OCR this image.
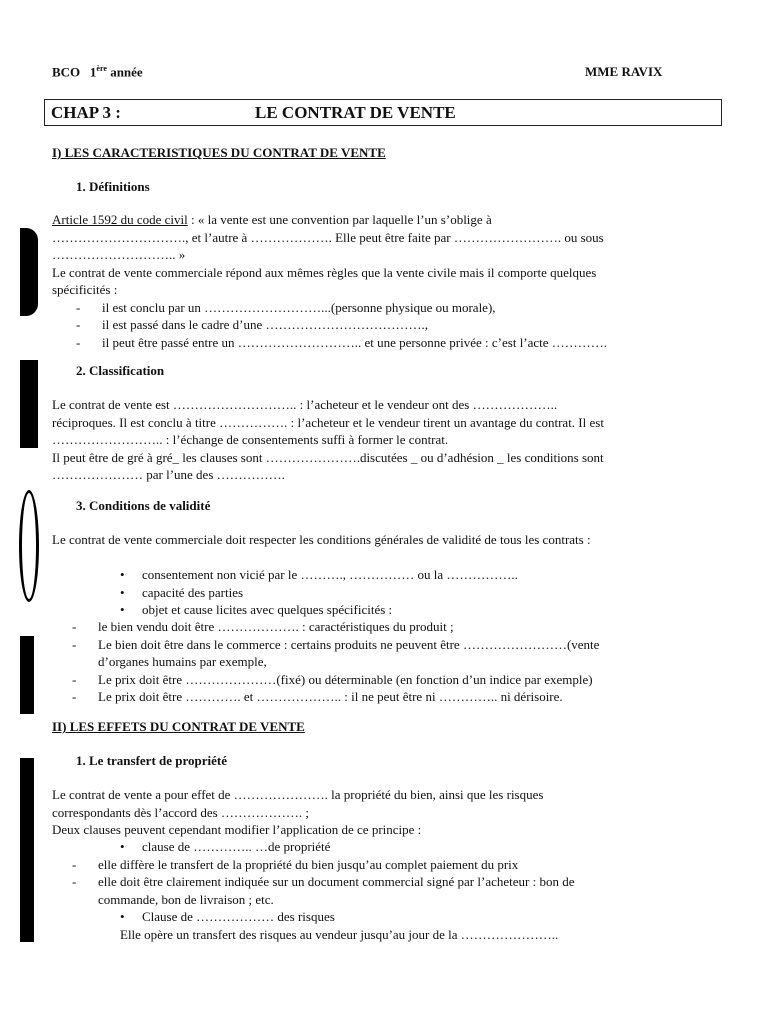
BCO 1ère année	MME RAVIX
CHAP 3 :	LE CONTRAT DE VENTE
I) LES CARACTERISTIQUES DU CONTRAT DE VENTE
1. Définitions
Article 1592 du code civil : « la vente est une convention par laquelle l’un s’oblige à
…………………………., et l’autre à ………………. Elle peut être faite par ……………………. ou sous
……………………….. »
Le contrat de vente commerciale répond aux mêmes règles que la vente civile mais il comporte quelques
spécificités :
- il est conclu par un ………………………...(personne physique ou morale),
- il est passé dans le cadre d’une ……………………………….,
- il peut être passé entre un ……………………….. et une personne privée : c’est l’acte ………….
2. Classification
Le contrat de vente est ……………………….. : l’acheteur et le vendeur ont des ………………..
réciproques. Il est conclu à titre ……………. : l’acheteur et le vendeur tirent un avantage du contrat. Il est
…………………….. : l’échange de consentements suffi à former le contrat.
Il peut être de gré à gré_ les clauses sont ………………….discutées _ ou d’adhésion _ les conditions sont
………………… par l’une des …………….
3. Conditions de validité
Le contrat de vente commerciale doit respecter les conditions générales de validité de tous les contrats :
• consentement non vicié par le ………., …………… ou la ……………..
• capacité des parties
• objet et cause licites avec quelques spécificités :
- le bien vendu doit être ………………. : caractéristiques du produit ;
- Le bien doit être dans le commerce : certains produits ne peuvent être ……………………(vente
d’organes humains par exemple,
- Le prix doit être …………………(fixé) ou déterminable (en fonction d’un indice par exemple)
- Le prix doit être …………. et ……………….. : il ne peut être ni ………….. ni dérisoire.
II) LES EFFETS DU CONTRAT DE VENTE
1. Le transfert de propriété
Le contrat de vente a pour effet de …………………. la propriété du bien, ainsi que les risques
correspondants dès l’accord des ………………. ;
Deux clauses peuvent cependant modifier l’application de ce principe :
• clause de ………….. …de propriété
- elle diffère le transfert de la propriété du bien jusqu’au complet paiement du prix
- elle doit être clairement indiquée sur un document commercial signé par l’acheteur : bon de
commande, bon de livraison ; etc.
• Clause de ……………… des risques
Elle opère un transfert des risques au vendeur jusqu’au jour de la …………………..
